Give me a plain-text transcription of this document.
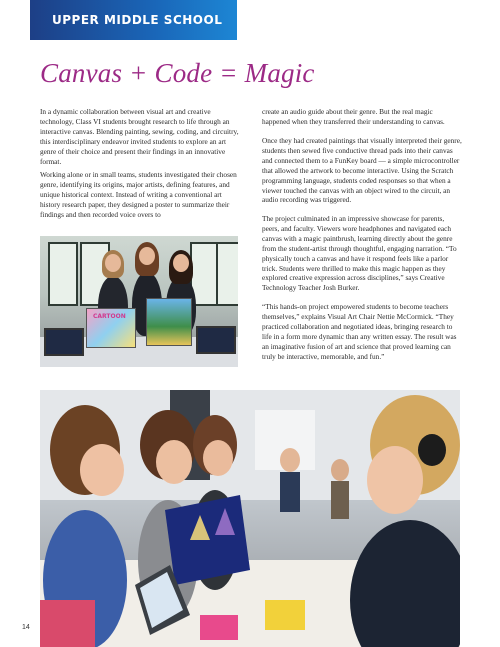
UPPER MIDDLE SCHOOL
Canvas + Code = Magic

In a dynamic collaboration between visual art and creative technology, Class VI students brought research to life through an interactive canvas. Blending painting, sewing, coding, and circuitry, this interdisciplinary endeavor invited students to explore an art genre of their choice and present their findings in an innovative format.

Working alone or in small teams, students investigated their chosen genre, identifying its origins, major artists, defining features, and unique historical context. Instead of writing a conventional art history research paper, they designed a poster to summarize their findings and then recorded voice overs to

create an audio guide about their genre. But the real magic happened when they transferred their understanding to canvas.

Once they had created paintings that visually interpreted their genre, students then sewed five conductive thread pads into their canvas and connected them to a FunKey board — a simple microcontroller that allowed the artwork to become interactive. Using the Scratch programming language, students coded responses so that when a viewer touched the canvas with an object wired to the circuit, an audio recording was triggered.

The project culminated in an impressive showcase for parents, peers, and faculty. Viewers wore headphones and navigated each canvas with a magic paintbrush, learning directly about the genre from the student-artist through thoughtful, engaging narration. “To physically touch a canvas and have it respond feels like a parlor trick. Students were thrilled to make this magic happen as they explored creative expression across disciplines,” says Creative Technology Teacher Josh Burker.

“This hands-on project empowered students to become teachers themselves,” explains Visual Art Chair Nettie McCormick. “They practiced collaboration and negotiated ideas, bringing research to life in a form more dynamic than any written essay. The result was an imaginative fusion of art and science that proved learning can truly be interactive, memorable, and fun.”

CARTOON
14
